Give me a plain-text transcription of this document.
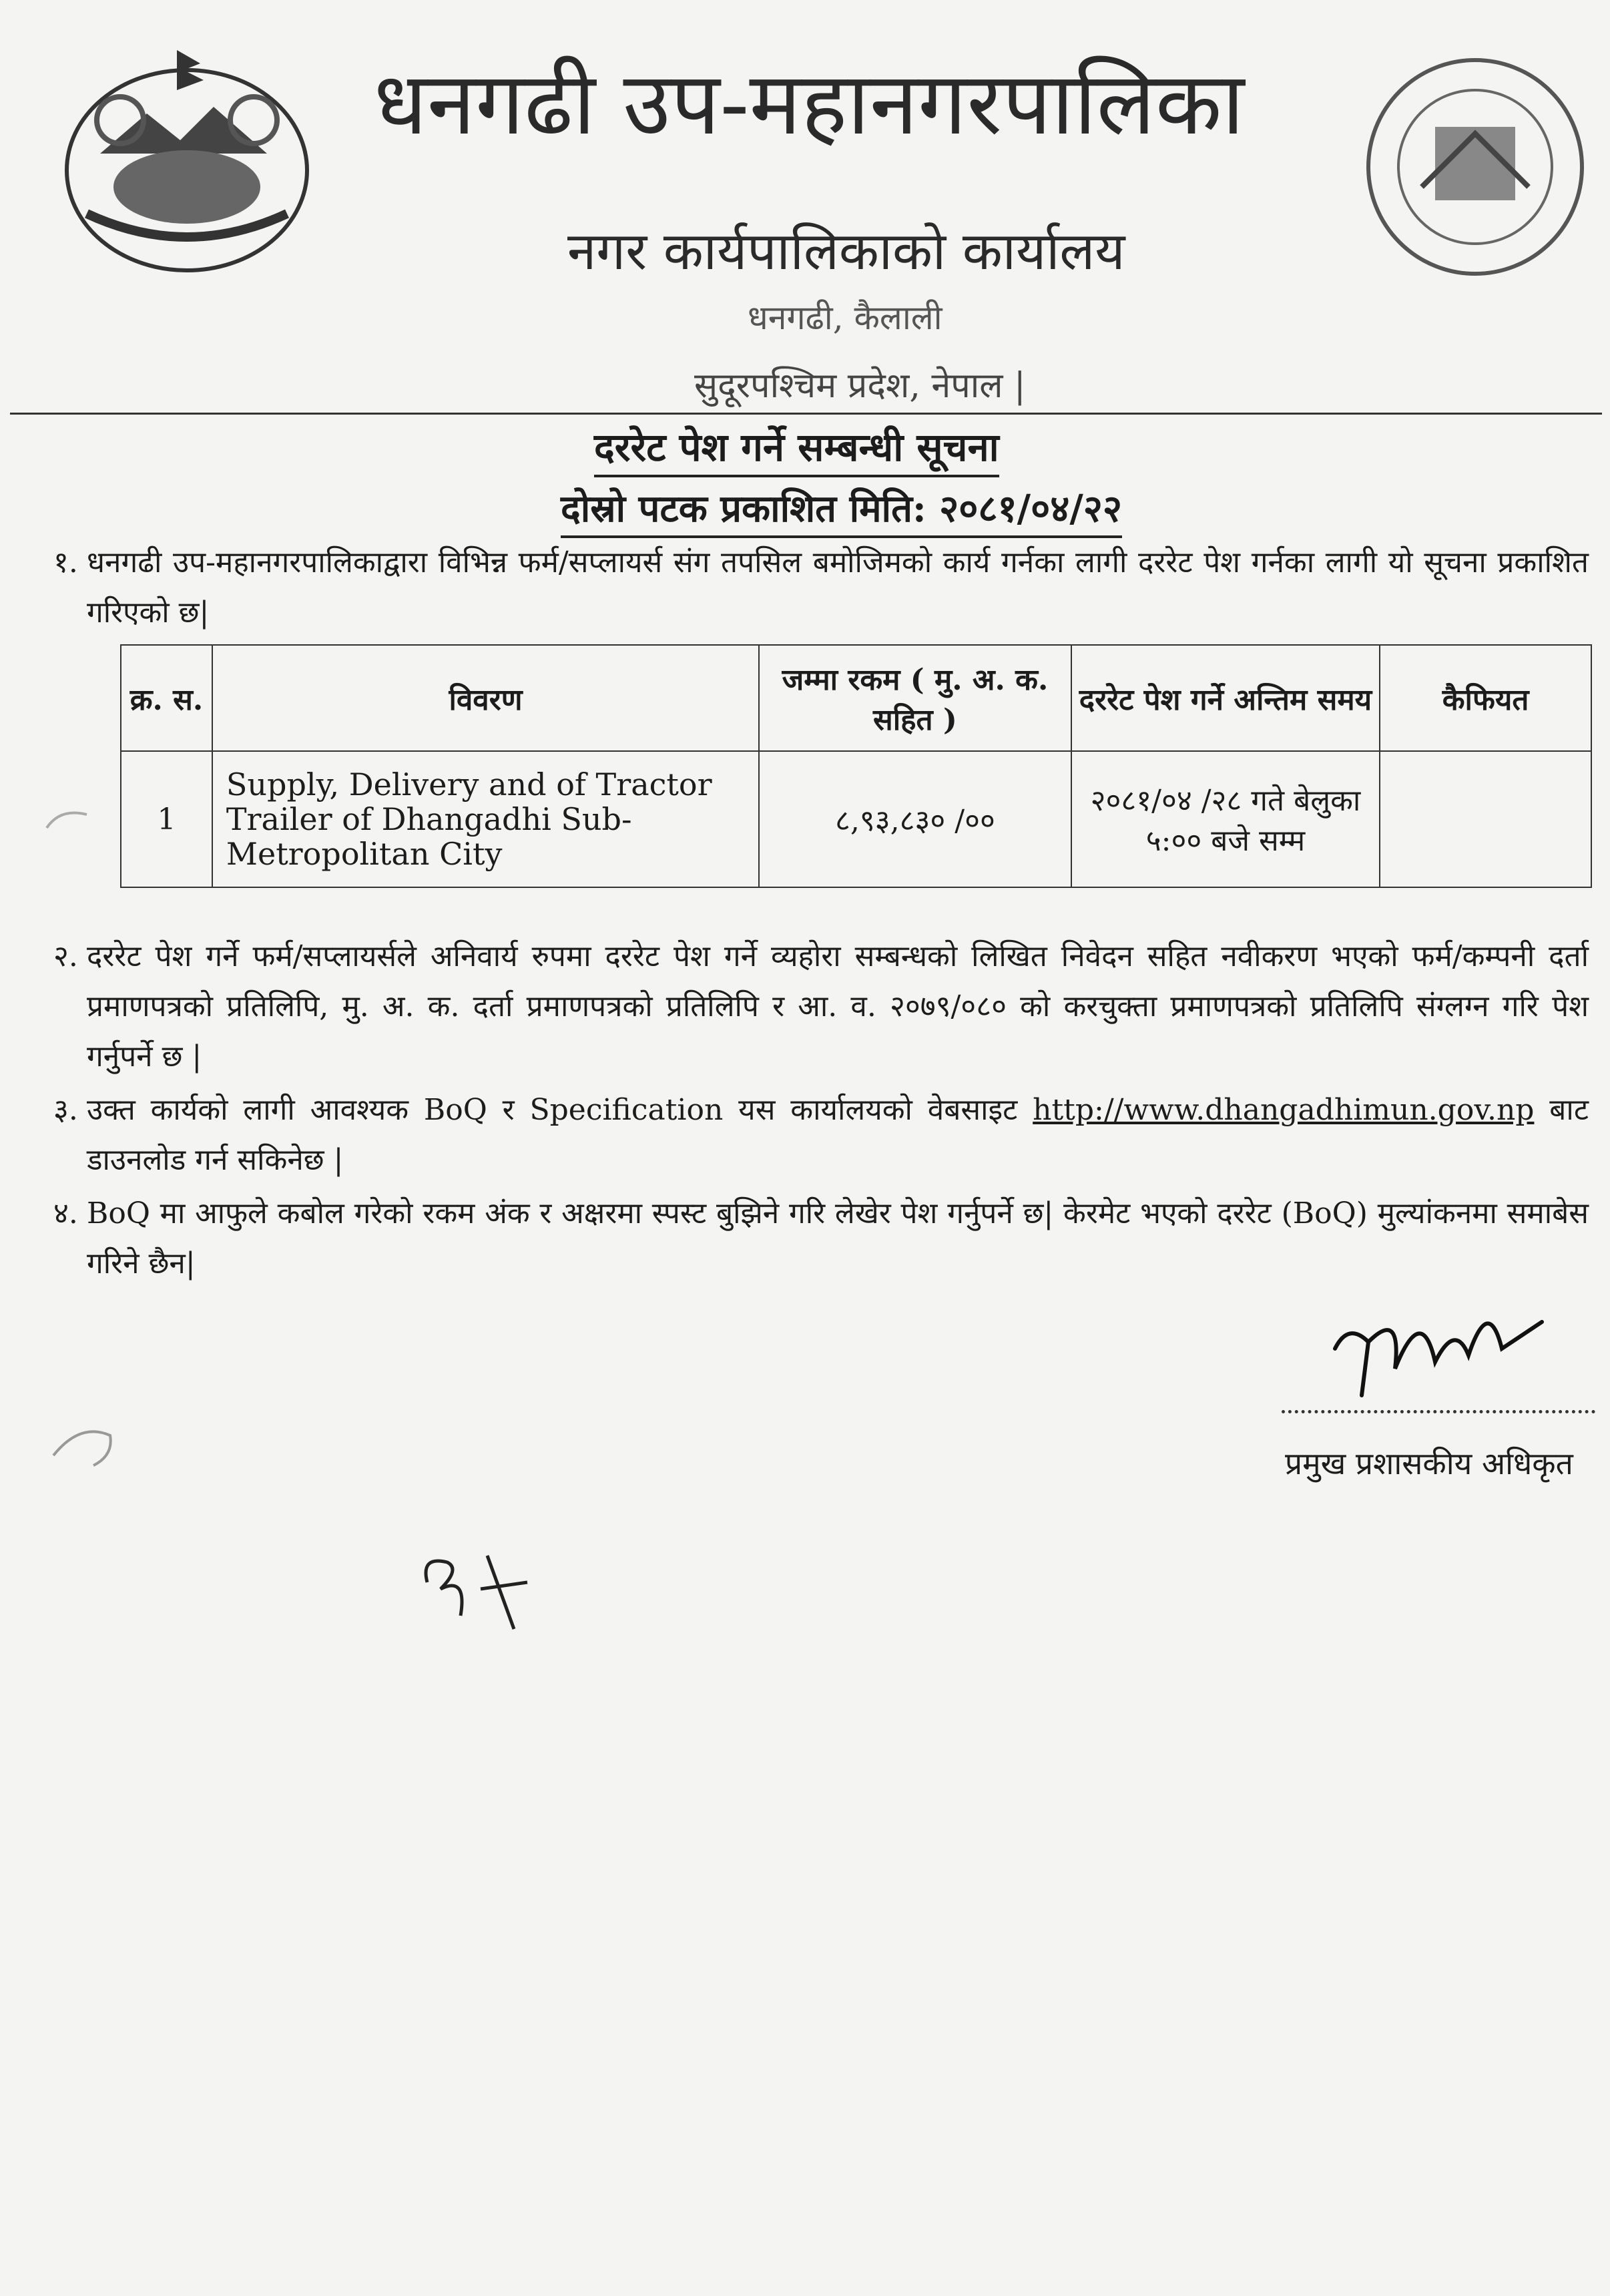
धनगढी उप-महानगरपालिका
नगर कार्यपालिकाको कार्यालय
धनगढी, कैलाली
सुदूरपश्चिम प्रदेश, नेपाल |
दररेट पेश गर्ने सम्बन्धी सूचना
दोस्रो पटक प्रकाशित मिति: २०८१/०४/२२
१. धनगढी उप-महानगरपालिकाद्वारा विभिन्न फर्म/सप्लायर्स संग तपसिल बमोजिमको कार्य गर्नका लागी दररेट पेश गर्नका लागी यो सूचना प्रकाशित गरिएको छ|
क्र. स.	विवरण	जम्मा रकम ( मु. अ. क. सहित )	दररेट पेश गर्ने अन्तिम समय	कैफियत
1	Supply, Delivery and of Tractor Trailer of Dhangadhi Sub-Metropolitan City	८,९३,८३० /००	२०८१/०४ /२८ गते बेलुका ५:०० बजे सम्म	
२. दररेट पेश गर्ने फर्म/सप्लायर्सले अनिवार्य रुपमा दररेट पेश गर्ने व्यहोरा सम्बन्धको लिखित निवेदन सहित नवीकरण भएको फर्म/कम्पनी दर्ता प्रमाणपत्रको प्रतिलिपि, मु. अ. क. दर्ता प्रमाणपत्रको प्रतिलिपि र आ. व. २०७९/०८० को करचुक्ता प्रमाणपत्रको प्रतिलिपि संग्लग्न गरि पेश गर्नुपर्ने छ |
३. उक्त कार्यको लागी आवश्यक BoQ र Specification यस कार्यालयको वेबसाइट http://www.dhangadhimun.gov.np बाट डाउनलोड गर्न सकिनेछ |
४. BoQ मा आफुले कबोल गरेको रकम अंक र अक्षरमा स्पस्ट बुझिने गरि लेखेर पेश गर्नुपर्ने छ| केरमेट भएको दररेट (BoQ) मुल्यांकनमा समाबेस गरिने छैन|
प्रमुख प्रशासकीय अधिकृत
